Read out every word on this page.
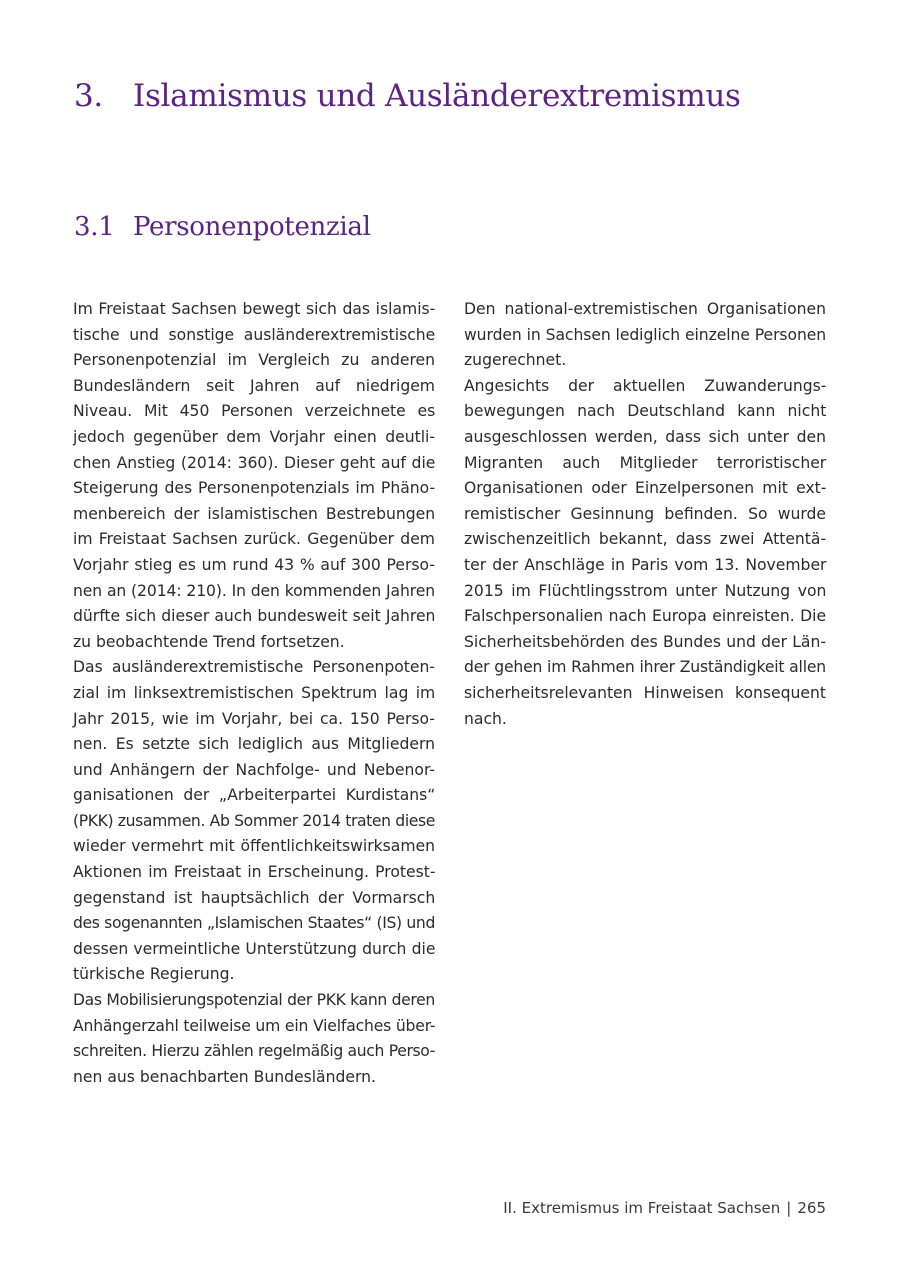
3. Islamismus und Ausländerextremismus
3.1 Personenpotenzial

Im Freistaat Sachsen bewegt sich das islamis-
tische und sonstige ausländerextremistische
Personenpotenzial im Vergleich zu anderen
Bundesländern seit Jahren auf niedrigem
Niveau. Mit 450 Personen verzeichnete es
jedoch gegenüber dem Vorjahr einen deutli-
chen Anstieg (2014: 360). Dieser geht auf die
Steigerung des Personenpotenzials im Phäno-
menbereich der islamistischen Bestrebungen
im Freistaat Sachsen zurück. Gegenüber dem
Vorjahr stieg es um rund 43 % auf 300 Perso-
nen an (2014: 210). In den kommenden Jahren
dürfte sich dieser auch bundesweit seit Jahren
zu beobachtende Trend fortsetzen.

Das ausländerextremistische Personenpoten-
zial im linksextremistischen Spektrum lag im
Jahr 2015, wie im Vorjahr, bei ca. 150 Perso-
nen. Es setzte sich lediglich aus Mitgliedern
und Anhängern der Nachfolge- und Nebenor-
ganisationen der „Arbeiterpartei Kurdistans“
(PKK) zusammen. Ab Sommer 2014 traten diese
wieder vermehrt mit öffentlichkeitswirksamen
Aktionen im Freistaat in Erscheinung. Protest-
gegenstand ist hauptsächlich der Vormarsch
des sogenannten „Islamischen Staates“ (IS) und
dessen vermeintliche Unterstützung durch die
türkische Regierung.

Das Mobilisierungspotenzial der PKK kann deren
Anhängerzahl teilweise um ein Vielfaches über-
schreiten. Hierzu zählen regelmäßig auch Perso-
nen aus benachbarten Bundesländern.

Den national-extremistischen Organisationen
wurden in Sachsen lediglich einzelne Personen
zugerechnet.

Angesichts der aktuellen Zuwanderungs-
bewegungen nach Deutschland kann nicht
ausgeschlossen werden, dass sich unter den
Migranten auch Mitglieder terroristischer
Organisationen oder Einzelpersonen mit ext-
remistischer Gesinnung befinden. So wurde
zwischenzeitlich bekannt, dass zwei Attentä-
ter der Anschläge in Paris vom 13. November
2015 im Flüchtlingsstrom unter Nutzung von
Falschpersonalien nach Europa einreisten. Die
Sicherheitsbehörden des Bundes und der Län-
der gehen im Rahmen ihrer Zuständigkeit allen
sicherheitsrelevanten Hinweisen konsequent
nach.

II. Extremismus im Freistaat Sachsen | 265
